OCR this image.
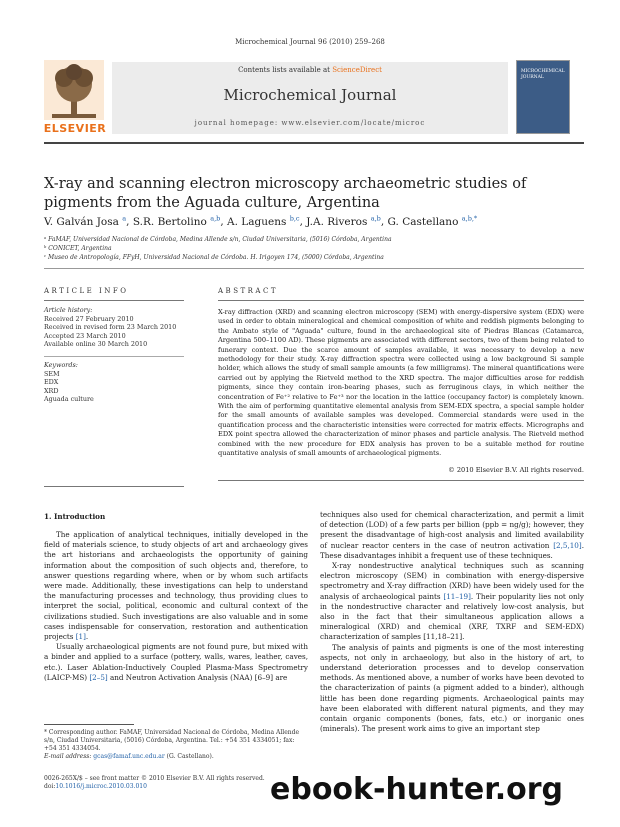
Microchemical Journal 96 (2010) 259–268
Contents lists available at ScienceDirect
Microchemical Journal
journal homepage: www.elsevier.com/locate/microc
ELSEVIER
MICROCHEMICAL JOURNAL
X-ray and scanning electron microscopy archaeometric studies of pigments from the Aguada culture, Argentina
V. Galván Josa $^a$, S.R. Bertolino $^{a,b}$, A. Laguens $^{b,c}$, J.A. Riveros $^{a,b}$, G. Castellano $^{a,b,*}$
ᵃ FaMAF, Universidad Nacional de Córdoba, Medina Allende s/n, Ciudad Universitaria, (5016) Córdoba, Argentina
ᵇ CONICET, Argentina
ᶜ Museo de Antropología, FFyH, Universidad Nacional de Córdoba. H. Irigoyen 174, (5000) Córdoba, Argentina
ARTICLE INFO
Article history:
Received 27 February 2010
Received in revised form 23 March 2010
Accepted 23 March 2010
Available online 30 March 2010
Keywords:
SEM
EDX
XRD
Aguada culture
ABSTRACT
X-ray diffraction (XRD) and scanning electron microscopy (SEM) with energy-dispersive system (EDX) were used in order to obtain mineralogical and chemical composition of white and reddish pigments belonging to the Ambato style of "Aguada" culture, found in the archaeological site of Piedras Blancas (Catamarca, Argentina 500–1100 AD). These pigments are associated with different sectors, two of them being related to funerary context. Due the scarce amount of samples available, it was necessary to develop a new methodology for their study. X-ray diffraction spectra were collected using a low background Si sample holder, which allows the study of small sample amounts (a few milligrams). The mineral quantifications were carried out by applying the Rietveld method to the XRD spectra. The major difficulties arose for reddish pigments, since they contain iron-bearing phases, such as ferruginous clays, in which neither the concentration of Fe⁺² relative to Fe⁺³ nor the location in the lattice (occupancy factor) is completely known. With the aim of performing quantitative elemental analysis from SEM-EDX spectra, a special sample holder for the small amounts of available samples was developed. Commercial standards were used in the quantification process and the characteristic intensities were corrected for matrix effects. Micrographs and EDX point spectra allowed the characterization of minor phases and particle analysis. The Rietveld method combined with the new procedure for EDX analysis has proven to be a suitable method for routine quantitative analysis of small amounts of archaeological pigments.
© 2010 Elsevier B.V. All rights reserved.
1. Introduction
The application of analytical techniques, initially developed in the field of materials science, to study objects of art and archaeology gives the art historians and archaeologists the opportunity of gaining information about the composition of such objects and, therefore, to answer questions regarding where, when or by whom such artifacts were made. Additionally, these investigations can help to understand the manufacturing processes and technology, thus providing clues to interpret the social, political, economic and cultural context of the civilizations studied. Such investigations are also valuable and in some cases indispensable for conservation, restoration and authentication projects [1].
Usually archaeological pigments are not found pure, but mixed with a binder and applied to a surface (pottery, walls, wares, leather, caves, etc.). Laser Ablation-Inductively Coupled Plasma-Mass Spectrometry (LAICP-MS) [2–5] and Neutron Activation Analysis (NAA) [6–9] are
techniques also used for chemical characterization, and permit a limit of detection (LOD) of a few parts per billion (ppb = ng/g); however, they present the disadvantage of high-cost analysis and limited availability of nuclear reactor centers in the case of neutron activation [2,5,10]. These disadvantages inhibit a frequent use of these techniques.
X-ray nondestructive analytical techniques such as scanning electron microscopy (SEM) in combination with energy-dispersive spectrometry and X-ray diffraction (XRD) have been widely used for the analysis of archaeological paints [11–19]. Their popularity lies not only in the nondestructive character and relatively low-cost analysis, but also in the fact that their simultaneous application allows a mineralogical (XRD) and chemical (XRF, TXRF and SEM-EDX) characterization of samples [11,18–21].
The analysis of paints and pigments is one of the most interesting aspects, not only in archaeology, but also in the history of art, to understand deterioration processes and to develop conservation methods. As mentioned above, a number of works have been devoted to the characterization of paints (a pigment added to a binder), although little has been done regarding pigments. Archaeological paints may have been elaborated with different natural pigments, and they may contain organic components (bones, fats, etc.) or inorganic ones (minerals). The present work aims to give an important step
* Corresponding author. FaMAF, Universidad Nacional de Córdoba, Medina Allende s/n, Ciudad Universitaria, (5016) Córdoba, Argentina. Tel.: +54 351 4334051; fax: +54 351 4334054.
E-mail address: gcas@famaf.unc.edu.ar (G. Castellano).
0026-265X/$ – see front matter © 2010 Elsevier B.V. All rights reserved.
doi:10.1016/j.microc.2010.03.010	ebook-hunter.org
